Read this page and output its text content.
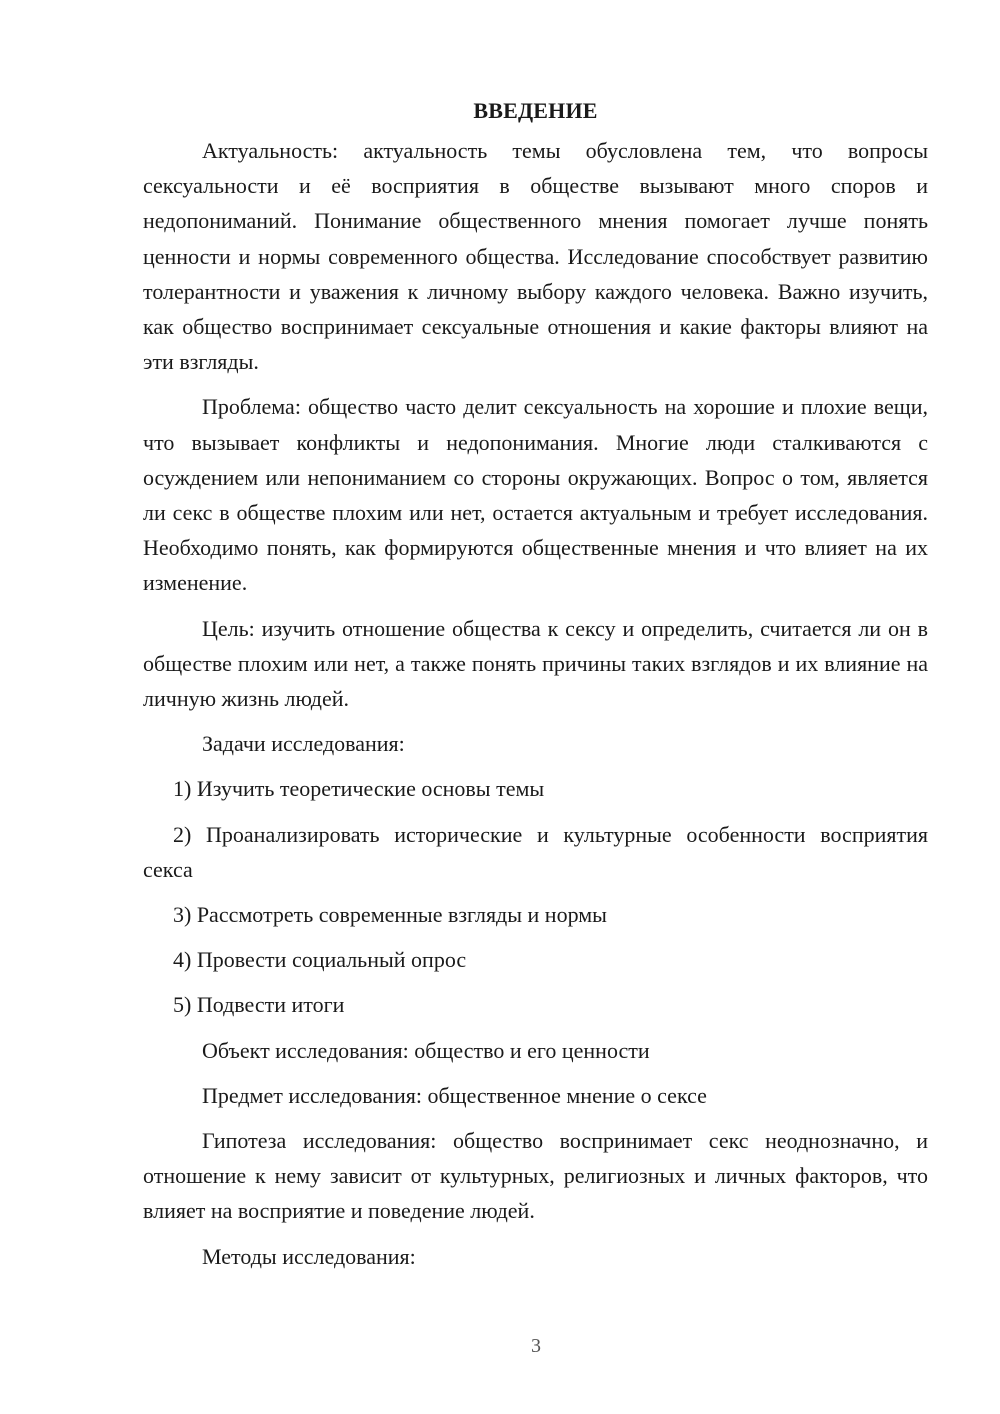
ВВЕДЕНИЕ

Актуальность: актуальность темы обусловлена тем, что вопросы сексуальности и её восприятия в обществе вызывают много споров и недопониманий. Понимание общественного мнения помогает лучше понять ценности и нормы современного общества. Исследование способствует развитию толерантности и уважения к личному выбору каждого человека. Важно изучить, как общество воспринимает сексуальные отношения и какие факторы влияют на эти взгляды.

Проблема: общество часто делит сексуальность на хорошие и плохие вещи, что вызывает конфликты и недопонимания. Многие люди сталкиваются с осуждением или непониманием со стороны окружающих. Вопрос о том, является ли секс в обществе плохим или нет, остается актуальным и требует исследования. Необходимо понять, как формируются общественные мнения и что влияет на их изменение.

Цель: изучить отношение общества к сексу и определить, считается ли он в обществе плохим или нет, а также понять причины таких взглядов и их влияние на личную жизнь людей.

Задачи исследования:

1) Изучить теоретические основы темы

2) Проанализировать исторические и культурные особенности восприятия секса

3) Рассмотреть современные взгляды и нормы

4) Провести социальный опрос

5) Подвести итоги

Объект исследования: общество и его ценности

Предмет исследования: общественное мнение о сексе

Гипотеза исследования: общество воспринимает секс неоднозначно, и отношение к нему зависит от культурных, религиозных и личных факторов, что влияет на восприятие и поведение людей.

Методы исследования:

3
